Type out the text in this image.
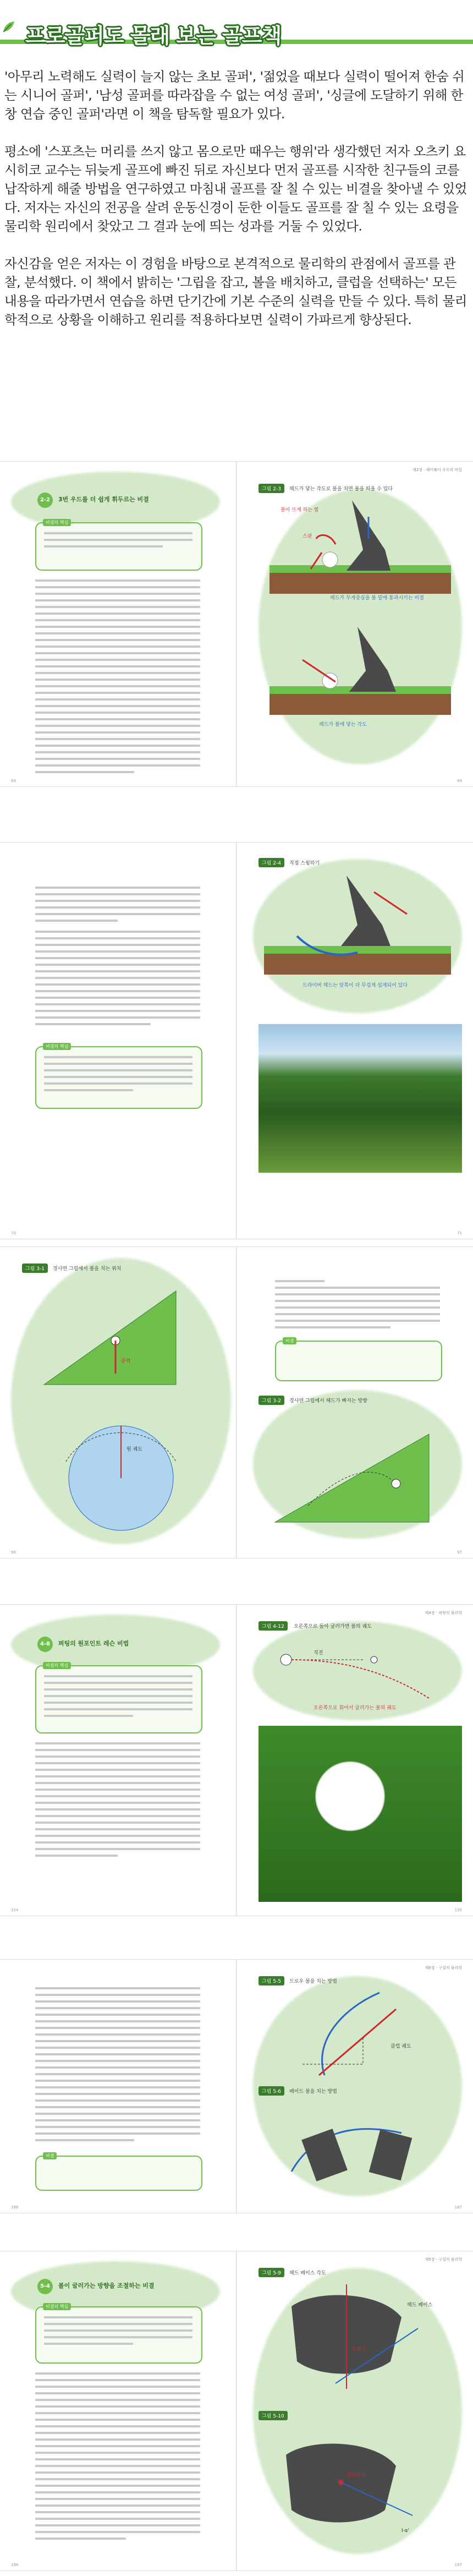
프로골퍼도 몰래 보는 골프책

'아무리 노력해도 실력이 늘지 않는 초보 골퍼', '젊었을 때보다 실력이 떨어져 한숨 쉬는 시니어 골퍼', '남성 골퍼를 따라잡을 수 없는 여성 골퍼', '싱글에 도달하기 위해 한창 연습 중인 골퍼'라면 이 책을 탐독할 필요가 있다.

평소에 '스포츠는 머리를 쓰지 않고 몸으로만 때우는 행위'라 생각했던 저자 오츠키 요시히코 교수는 뒤늦게 골프에 빠진 뒤로 자신보다 먼저 골프를 시작한 친구들의 코를 납작하게 해줄 방법을 연구하였고 마침내 골프를 잘 칠 수 있는 비결을 찾아낼 수 있었다. 저자는 자신의 전공을 살려 운동신경이 둔한 이들도 골프를 잘 칠 수 있는 요령을 물리학 원리에서 찾았고 그 결과 눈에 띄는 성과를 거둘 수 있었다.

자신감을 얻은 저자는 이 경험을 바탕으로 본격적으로 물리학의 관점에서 골프를 관찰, 분석했다. 이 책에서 밝히는 '그립을 잡고, 볼을 배치하고, 클럽을 선택하는' 모든 내용을 따라가면서 연습을 하면 단기간에 기본 수준의 실력을 만들 수 있다. 특히 물리학적으로 상황을 이해하고 원리를 적용하다보면 실력이 가파르게 향상된다.

2-2 3번 우드를 더 쉽게 휘두르는 비결
비결의 핵심
68
제2장 · 페어웨이 우드의 비밀
그림 2-3	헤드가 닿는 각도로 볼을 치면 볼을 띄울 수 있다
볼이 뜨게 하는 힘
스핀
헤드가 무게중심을 볼 밑에 통과시키는 비결
헤드가 볼에 닿는 각도
69
비결의 핵심
70
그림 2-4	직접 스윙하기
드라이버 헤드는 앞쪽이 더 무겁게 설계되어 있다
71
그림 3-1	경사면 그립에서 볼을 치는 위치
중력
원 궤도
96
비결
그림 3-2	경사면 그립에서 헤드가 빠지는 방향
97
4-8 퍼팅의 원포인트 레슨 비법
비결의 핵심
154
제4장 · 퍼팅의 물리학
그림 4-12	오른쪽으로 돌아 굴러가면 볼의 궤도
직진
오른쪽으로 휘어서 굴러가는 볼의 궤도
155
비결
186
제5장 · 구질의 물리학
그림 5-5	드로우 볼을 치는 방법
클럽 궤도
그림 5-6	페이드 볼을 치는 방법
187
5-4 볼이 굴러가는 방향을 조절하는 비결
비결의 핵심
196
제5장 · 구질의 물리학
그림 5-9	헤드 페이스 각도
헤드 페이스
오른쪽
그림 5-10
I·α'
무게중심
197
